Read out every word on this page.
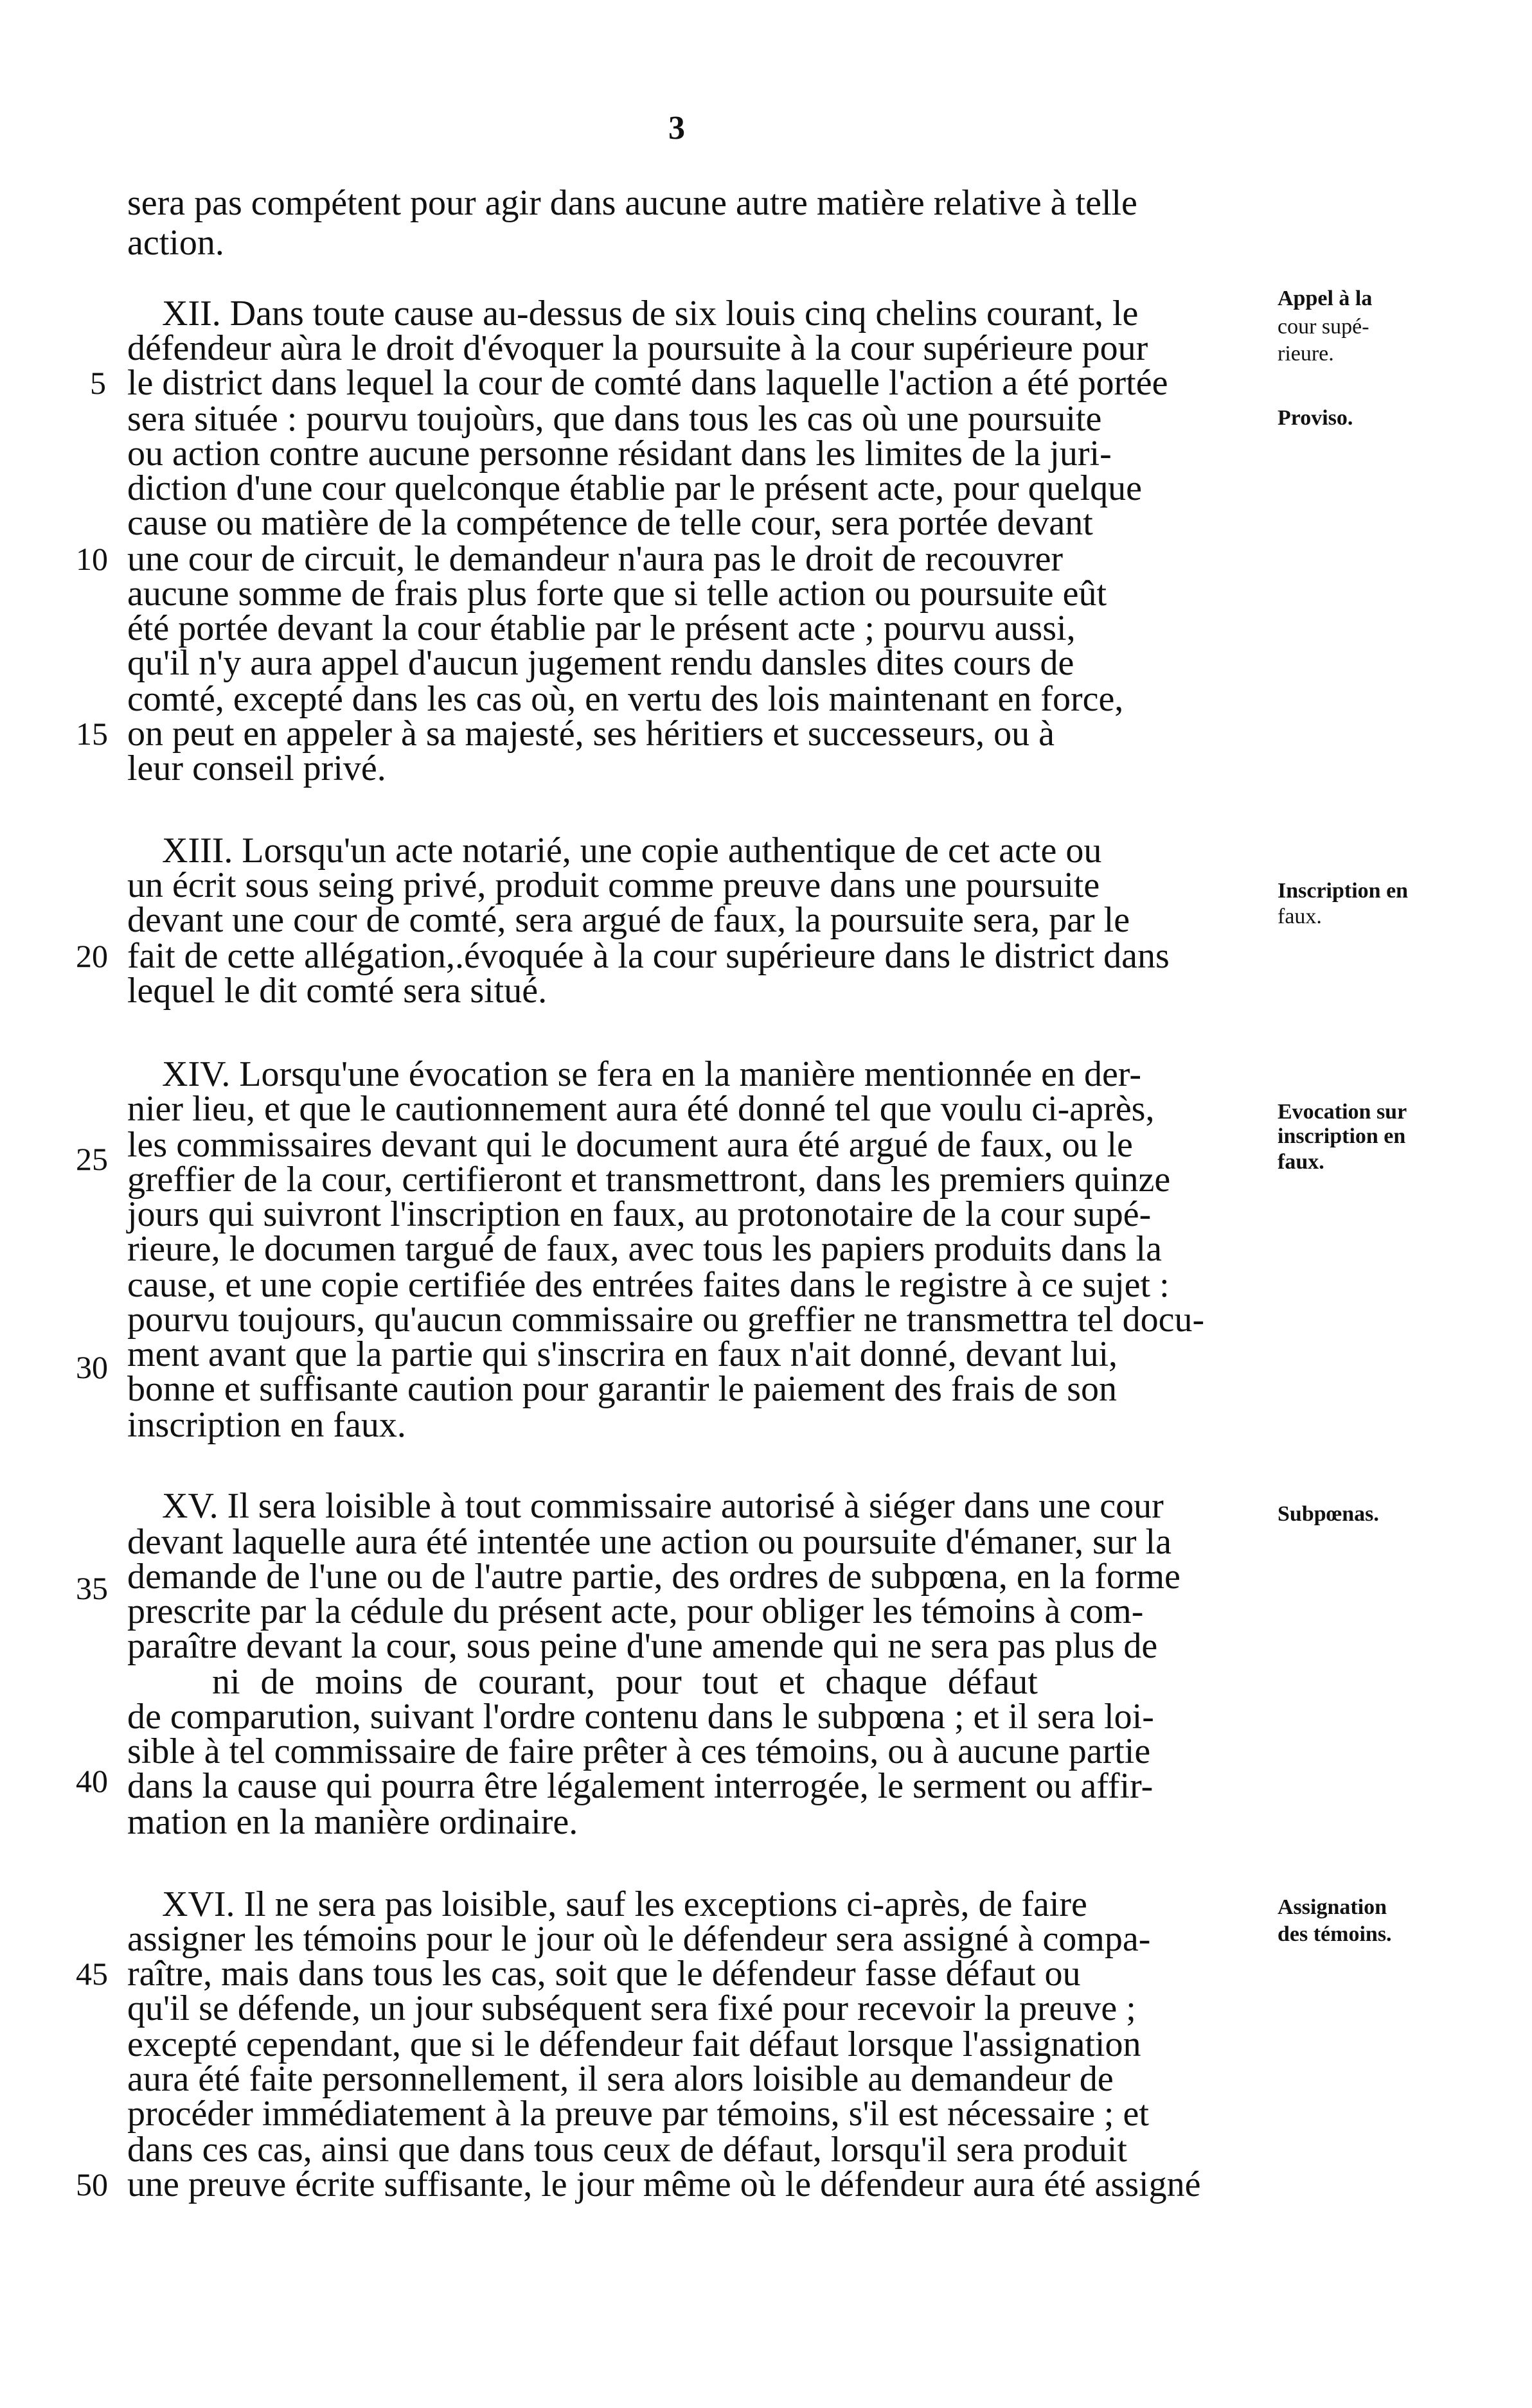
3
sera pas compétent pour agir dans aucune autre matière relative à telle
action.
XII. Dans toute cause au-dessus de six louis cinq chelins courant, le
défendeur aùra le droit d'évoquer la poursuite à la cour supérieure pour
le district dans lequel la cour de comté dans laquelle l'action a été portée
sera située : pourvu toujoùrs, que dans tous les cas où une poursuite
ou action contre aucune personne résidant dans les limites de la juri-
diction d'une cour quelconque établie par le présent acte, pour quelque
cause ou matière de la compétence de telle cour, sera portée devant
une cour de circuit, le demandeur n'aura pas le droit de recouvrer
aucune somme de frais plus forte que si telle action ou poursuite eût
été portée devant la cour établie par le présent acte ; pourvu aussi,
qu'il n'y aura appel d'aucun jugement rendu dansles dites cours de
comté, excepté dans les cas où, en vertu des lois maintenant en force,
on peut en appeler à sa majesté, ses héritiers et successeurs, ou à
leur conseil privé.
XIII. Lorsqu'un acte notarié, une copie authentique de cet acte ou
un écrit sous seing privé, produit comme preuve dans une poursuite
devant une cour de comté, sera argué de faux, la poursuite sera, par le
fait de cette allégation,.évoquée à la cour supérieure dans le district dans
lequel le dit comté sera situé.
XIV. Lorsqu'une évocation se fera en la manière mentionnée en der-
nier lieu, et que le cautionnement aura été donné tel que voulu ci-après,
les commissaires devant qui le document aura été argué de faux, ou le
greffier de la cour, certifieront et transmettront, dans les premiers quinze
jours qui suivront l'inscription en faux, au protonotaire de la cour supé-
rieure, le documen targué de faux, avec tous les papiers produits dans la
cause, et une copie certifiée des entrées faites dans le registre à ce sujet :
pourvu toujours, qu'aucun commissaire ou greffier ne transmettra tel docu-
ment avant que la partie qui s'inscrira en faux n'ait donné, devant lui,
bonne et suffisante caution pour garantir le paiement des frais de son
inscription en faux.
XV. Il sera loisible à tout commissaire autorisé à siéger dans une cour
devant laquelle aura été intentée une action ou poursuite d'émaner, sur la
demande de l'une ou de l'autre partie, des ordres de subpœna, en la forme
prescrite par la cédule du présent acte, pour obliger les témoins à com-
paraître devant la cour, sous peine d'une amende qui ne sera pas plus de
ni de moins de courant, pour tout et chaque défaut
de comparution, suivant l'ordre contenu dans le subpœna ; et il sera loi-
sible à tel commissaire de faire prêter à ces témoins, ou à aucune partie
dans la cause qui pourra être légalement interrogée, le serment ou affir-
mation en la manière ordinaire.
XVI. Il ne sera pas loisible, sauf les exceptions ci-après, de faire
assigner les témoins pour le jour où le défendeur sera assigné à compa-
raître, mais dans tous les cas, soit que le défendeur fasse défaut ou
qu'il se défende, un jour subséquent sera fixé pour recevoir la preuve ;
excepté cependant, que si le défendeur fait défaut lorsque l'assignation
aura été faite personnellement, il sera alors loisible au demandeur de
procéder immédiatement à la preuve par témoins, s'il est nécessaire ; et
dans ces cas, ainsi que dans tous ceux de défaut, lorsqu'il sera produit
une preuve écrite suffisante, le jour même où le défendeur aura été assigné
5
10
15
20
25
30
35
40
45
50
Appel à la
cour supé-
rieure.
Proviso.
Inscription en
faux.
Evocation sur
inscription en
faux.
Subpœnas.
Assignation
des témoins.
